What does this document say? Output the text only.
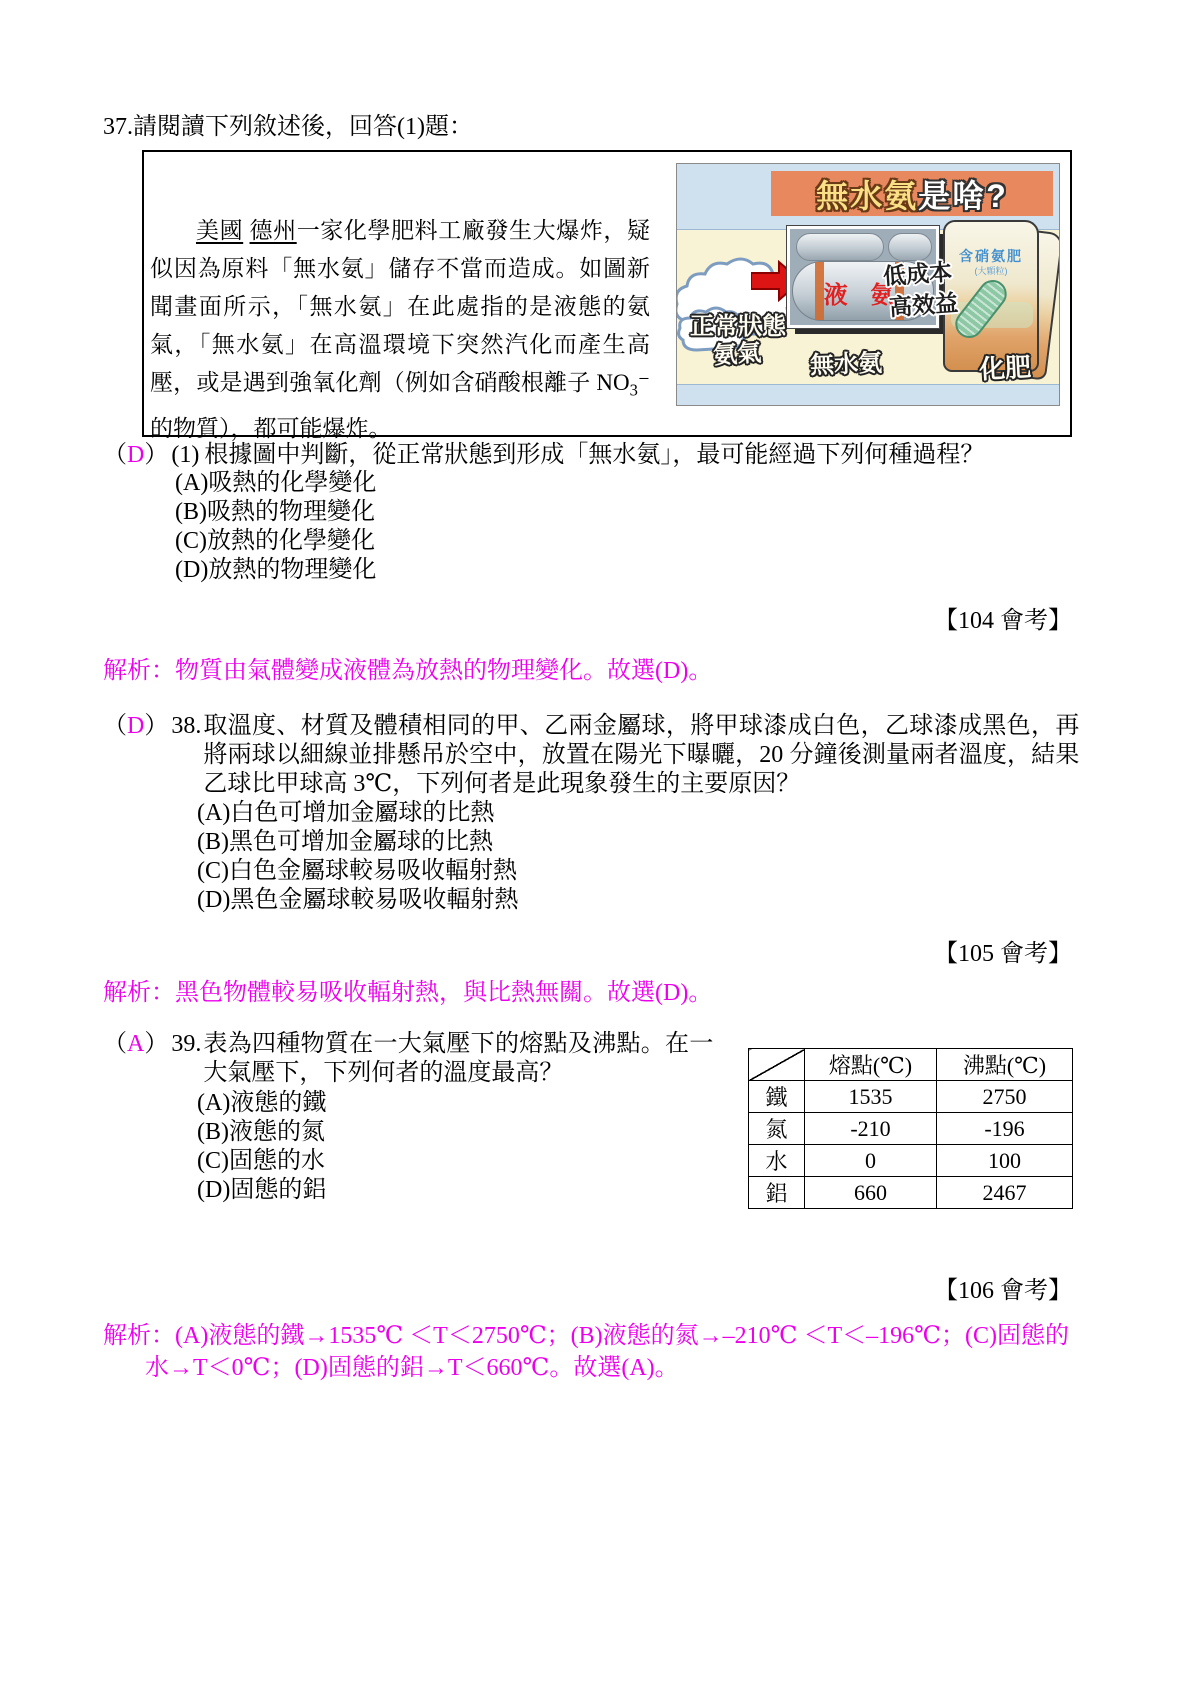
37.請閱讀下列敘述後，回答(1)題：
美國 德州一家化學肥料工廠發生大爆炸，疑似因為原料「無水氨」儲存不當而造成。如圖新聞畫面所示，「無水氨」在此處指的是液態的氨氣，「無水氨」在高溫環境下突然汽化而產生高壓，或是遇到強氧化劑（例如含硝酸根離子 $NO_3^-$的物質），都可能爆炸。
無水氨 是啥?
正常狀態
氨氣
液 氨
無水氨
低成本
高效益
含硝氨肥
(大顆粒)
化肥
（D） (1) 根據圖中判斷，從正常狀態到形成「無水氨」，最可能經過下列何種過程？
(A)吸熱的化學變化
(B)吸熱的物理變化
(C)放熱的化學變化
(D)放熱的物理變化
【104 會考】
解析：物質由氣體變成液體為放熱的物理變化。故選(D)。
（D） 38. 取溫度、材質及體積相同的甲、乙兩金屬球，將甲球漆成白色，乙球漆成黑色，再將兩球以細線並排懸吊於空中，放置在陽光下曝曬，20 分鐘後測量兩者溫度，結果乙球比甲球高 3℃，下列何者是此現象發生的主要原因？
(A)白色可增加金屬球的比熱
(B)黑色可增加金屬球的比熱
(C)白色金屬球較易吸收輻射熱
(D)黑色金屬球較易吸收輻射熱
【105 會考】
解析：黑色物體較易吸收輻射熱，與比熱無關。故選(D)。
（A） 39. 表為四種物質在一大氣壓下的熔點及沸點。在一大氣壓下，下列何者的溫度最高？
(A)液態的鐵
(B)液態的氮
(C)固態的水
(D)固態的鋁
	熔點(℃)	沸點(℃)
鐵	1535	2750
氮	-210	-196
水	0	100
鋁	660	2467
【106 會考】
解析：(A)液態的鐵→1535℃ ＜T＜2750℃；(B)液態的氮→–210℃ ＜T＜–196℃；(C)固態的水→T＜0℃；(D)固態的鋁→T＜660℃。故選(A)。
